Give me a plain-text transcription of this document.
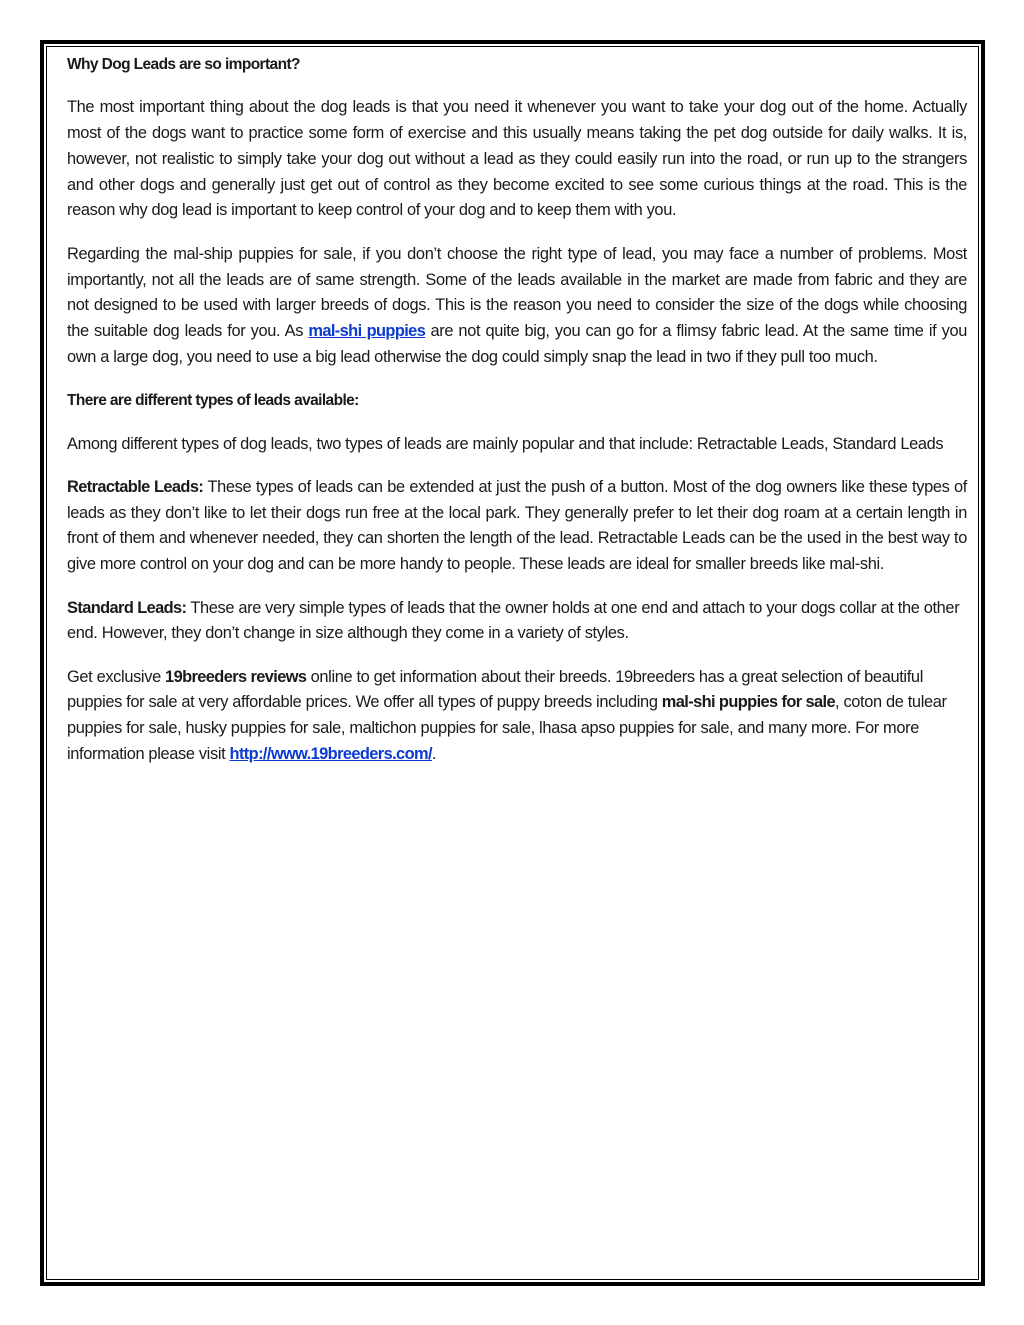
Why Dog Leads are so important?

The most important thing about the dog leads is that you need it whenever you want to take your dog out of the home. Actually most of the dogs want to practice some form of exercise and this usually means taking the pet dog outside for daily walks. It is, however, not realistic to simply take your dog out without a lead as they could easily run into the road, or run up to the strangers and other dogs and generally just get out of control as they become excited to see some curious things at the road. This is the reason why dog lead is important to keep control of your dog and to keep them with you.

Regarding the mal-ship puppies for sale, if you don’t choose the right type of lead, you may face a number of problems. Most importantly, not all the leads are of same strength. Some of the leads available in the market are made from fabric and they are not designed to be used with larger breeds of dogs. This is the reason you need to consider the size of the dogs while choosing the suitable dog leads for you. As mal-shi puppies are not quite big, you can go for a flimsy fabric lead. At the same time if you own a large dog, you need to use a big lead otherwise the dog could simply snap the lead in two if they pull too much.

There are different types of leads available:

Among different types of dog leads, two types of leads are mainly popular and that include: Retractable Leads, Standard Leads

Retractable Leads: These types of leads can be extended at just the push of a button. Most of the dog owners like these types of leads as they don’t like to let their dogs run free at the local park. They generally prefer to let their dog roam at a certain length in front of them and whenever needed, they can shorten the length of the lead. Retractable Leads can be the used in the best way to give more control on your dog and can be more handy to people. These leads are ideal for smaller breeds like mal-shi.

Standard Leads: These are very simple types of leads that the owner holds at one end and attach to your dogs collar at the other end. However, they don’t change in size although they come in a variety of styles.

Get exclusive 19breeders reviews online to get information about their breeds. 19breeders has a great selection of beautiful puppies for sale at very affordable prices. We offer all types of puppy breeds including mal-shi puppies for sale, coton de tulear puppies for sale, husky puppies for sale, maltichon puppies for sale, lhasa apso puppies for sale, and many more. For more information please visit http://www.19breeders.com/.
